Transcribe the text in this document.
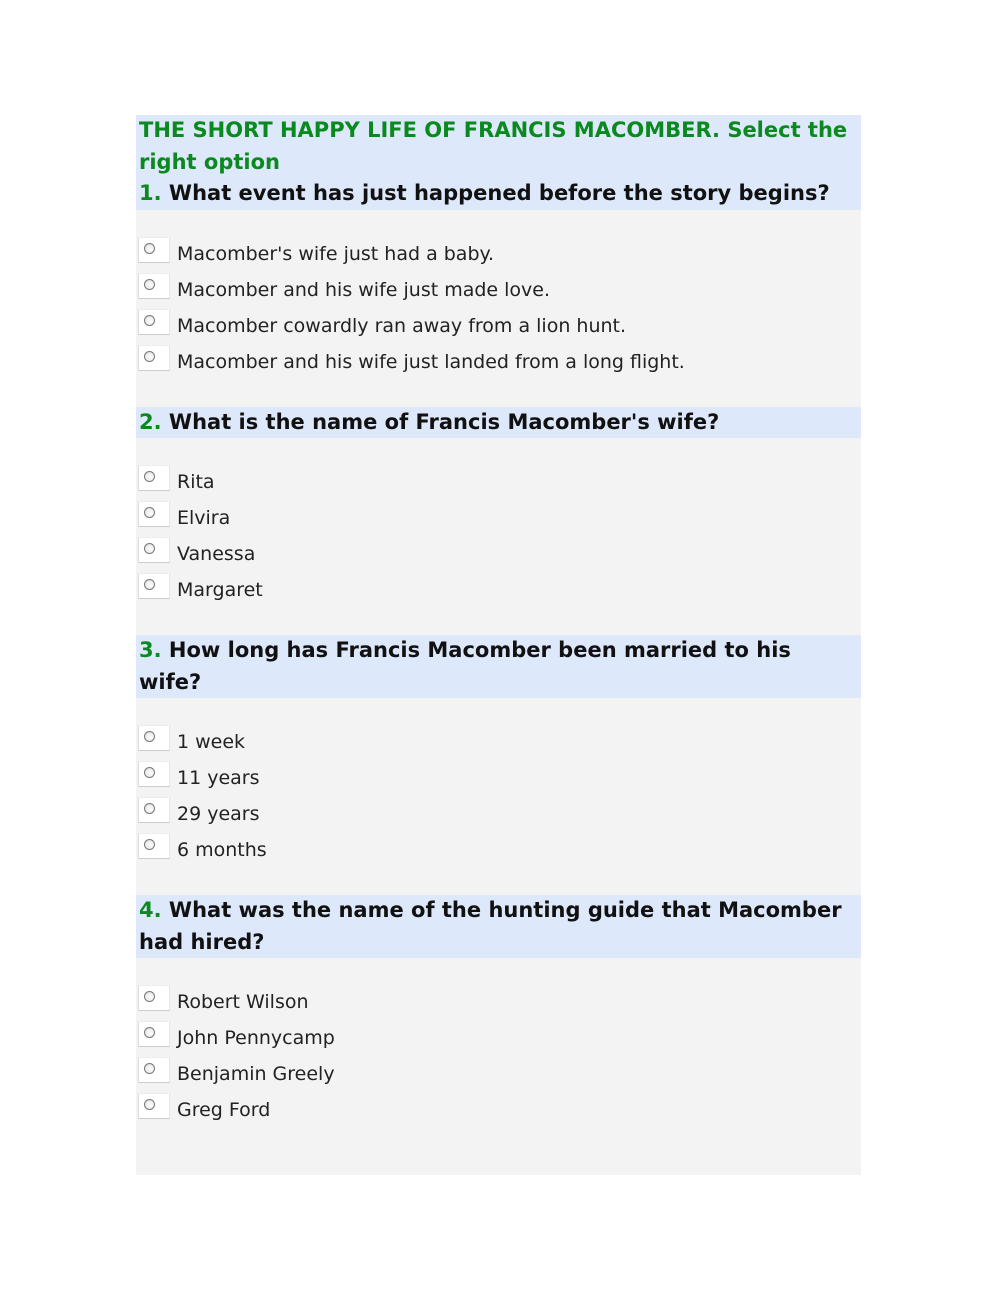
THE SHORT HAPPY LIFE OF FRANCIS MACOMBER. Select the right option
1. What event has just happened before the story begins?
Macomber's wife just had a baby.
Macomber and his wife just made love.
Macomber cowardly ran away from a lion hunt.
Macomber and his wife just landed from a long flight.
2. What is the name of Francis Macomber's wife?
Rita
Elvira
Vanessa
Margaret
3. How long has Francis Macomber been married to his wife?
1 week
11 years
29 years
6 months
4. What was the name of the hunting guide that Macomber had hired?
Robert Wilson
John Pennycamp
Benjamin Greely
Greg Ford
